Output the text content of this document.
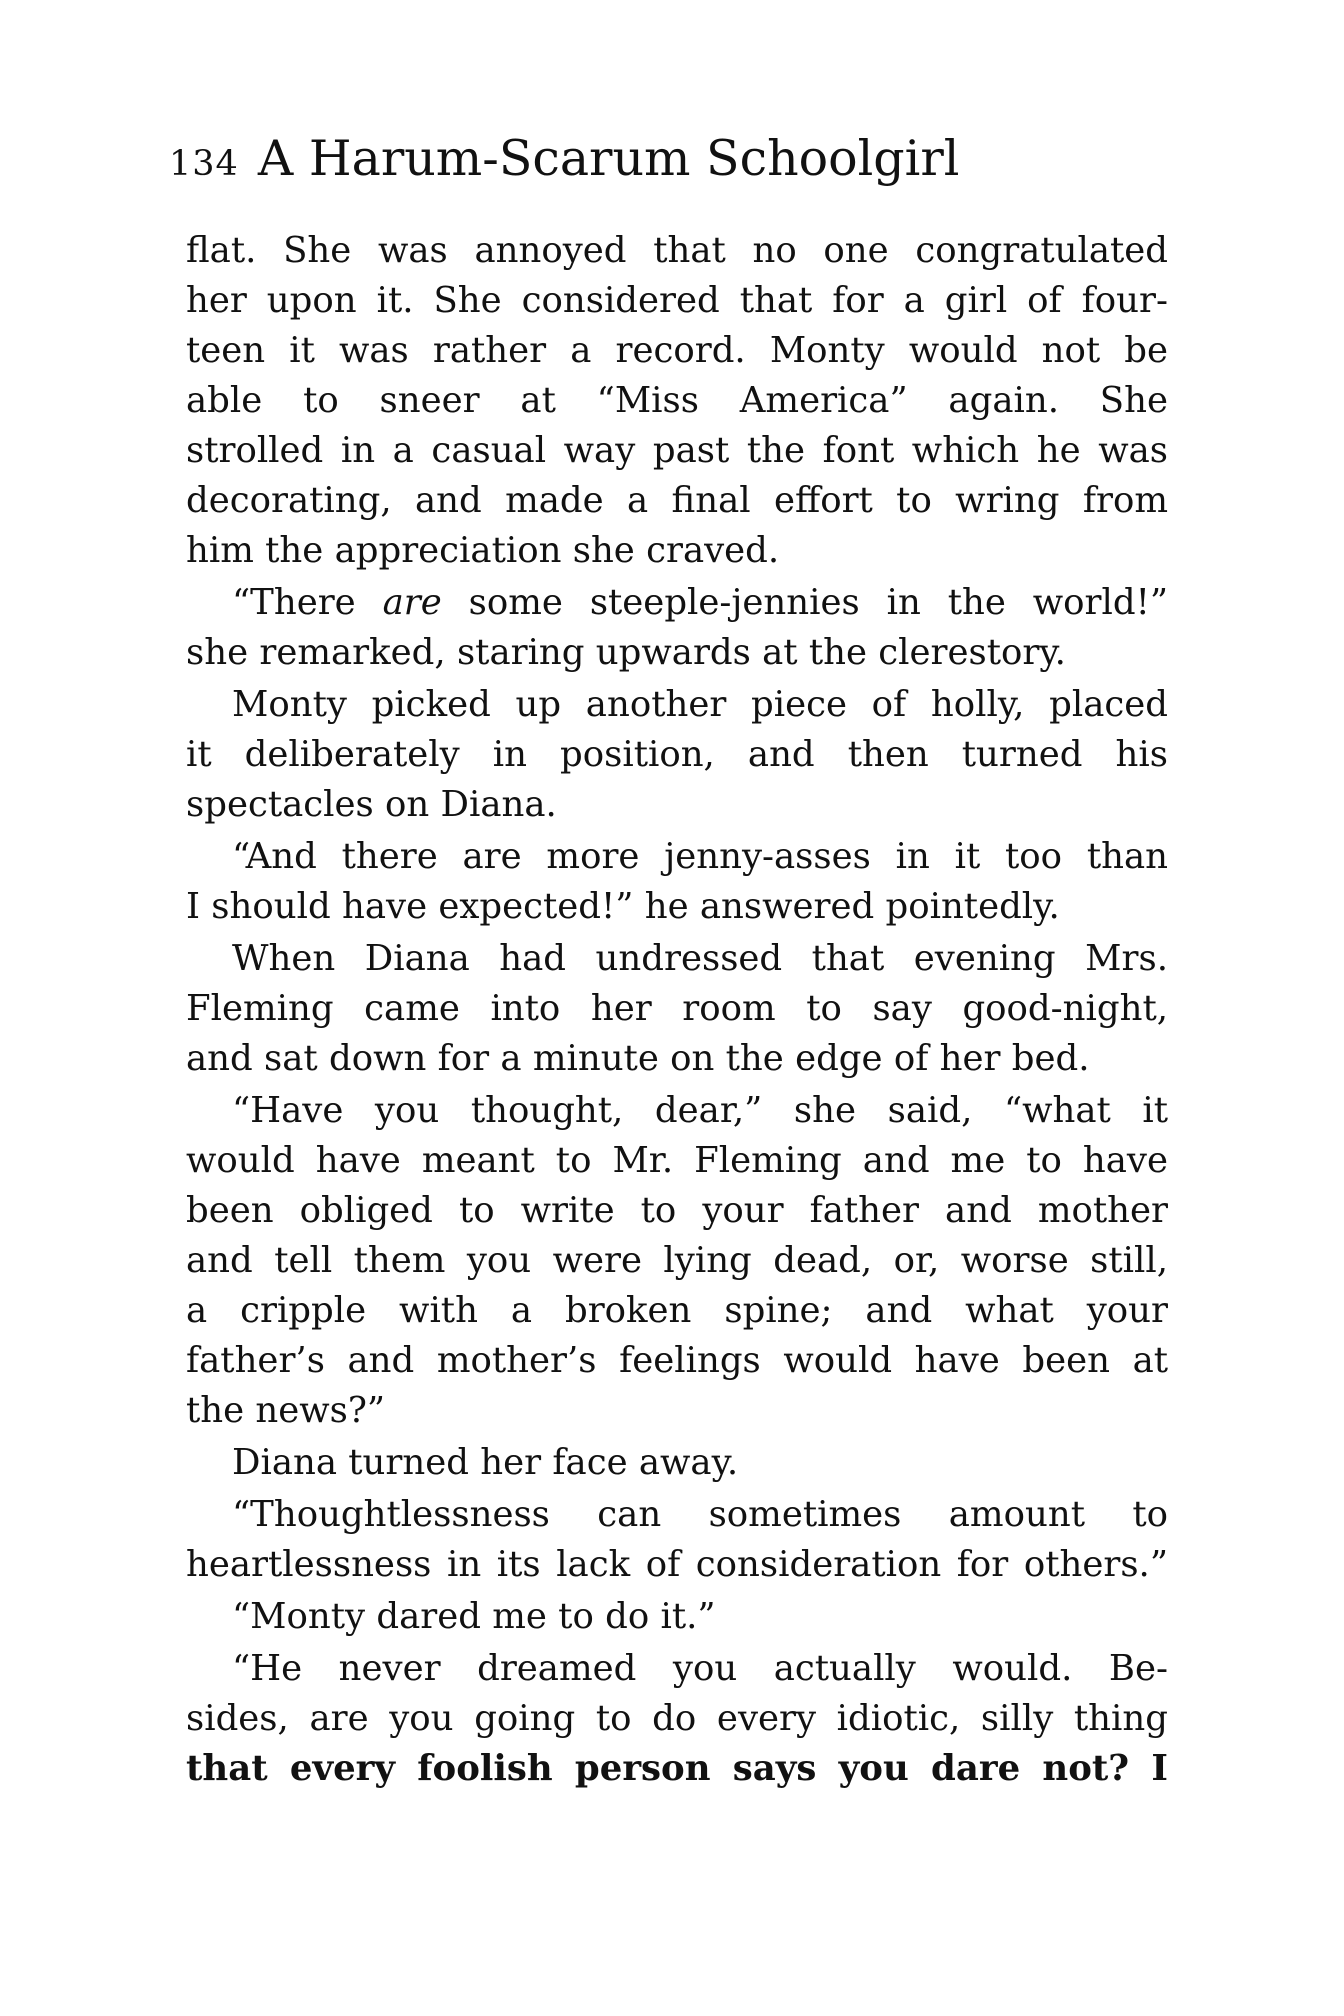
134 A Harum-Scarum Schoolgirl
flat. She was annoyed that no one congratulated
her upon it. She considered that for a girl of four-
teen it was rather a record. Monty would not be
able to sneer at “Miss America” again. She
strolled in a casual way past the font which he was
decorating, and made a final effort to wring from
him the appreciation she craved.
“There are some steeple-jennies in the world!”
she remarked, staring upwards at the clerestory.
Monty picked up another piece of holly, placed
it deliberately in position, and then turned his
spectacles on Diana.
“And there are more jenny-asses in it too than
I should have expected!” he answered pointedly.
When Diana had undressed that evening Mrs.
Fleming came into her room to say good-night,
and sat down for a minute on the edge of her bed.
“Have you thought, dear,” she said, “what it
would have meant to Mr. Fleming and me to have
been obliged to write to your father and mother
and tell them you were lying dead, or, worse still,
a cripple with a broken spine; and what your
father’s and mother’s feelings would have been at
the news?”
Diana turned her face away.
“Thoughtlessness can sometimes amount to
heartlessness in its lack of consideration for others.”
“Monty dared me to do it.”
“He never dreamed you actually would. Be-
sides, are you going to do every idiotic, silly thing
that every foolish person says you dare not? I
